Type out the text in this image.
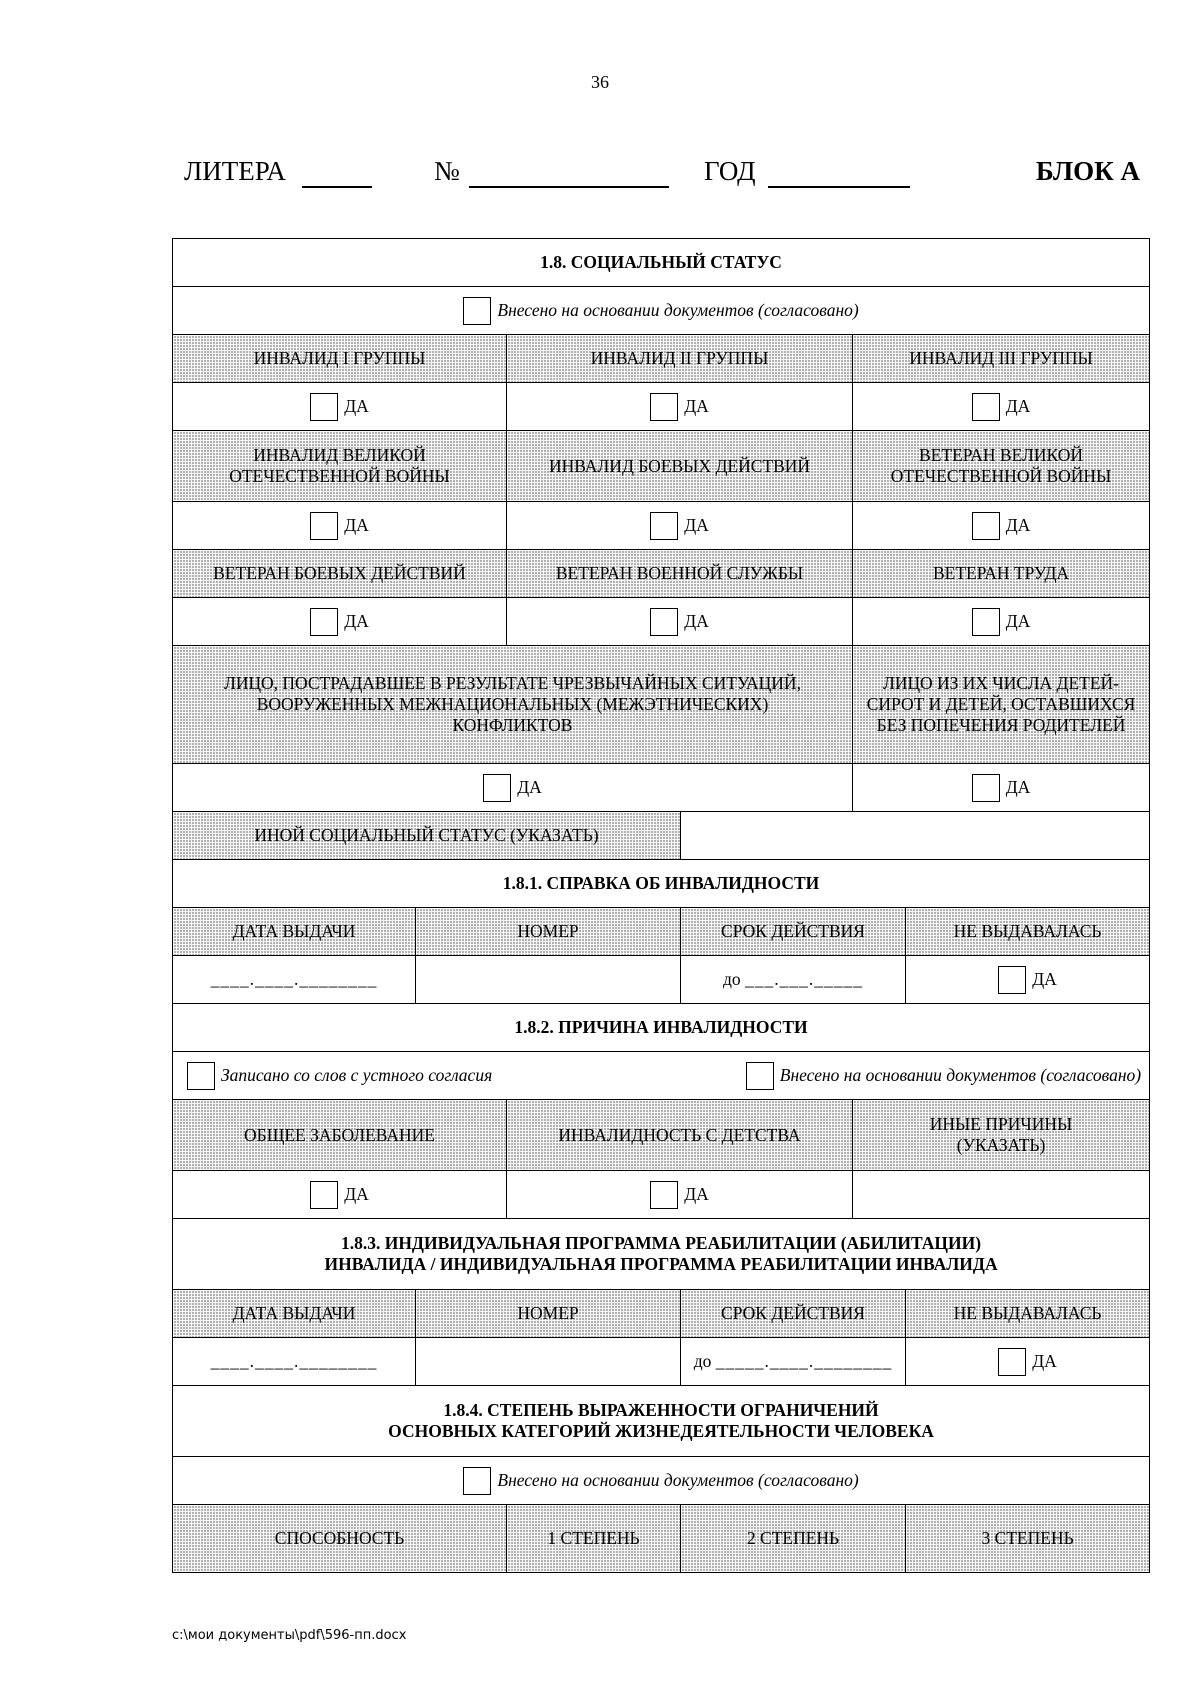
36
ЛИТЕРА	№	ГОД	БЛОК А
1.8. СОЦИАЛЬНЫЙ СТАТУС					
Внесено на основании документов (согласовано)					
ИНВАЛИД I ГРУППЫ		ИНВАЛИД II ГРУППЫ		ИНВАЛИД III ГРУППЫ	
ДА		ДА		ДА	
ИНВАЛИД ВЕЛИКОЙ ОТЕЧЕСТВЕННОЙ ВОЙНЫ		ИНВАЛИД БОЕВЫХ ДЕЙСТВИЙ		ВЕТЕРАН ВЕЛИКОЙ ОТЕЧЕСТВЕННОЙ ВОЙНЫ	
ДА		ДА		ДА	
ВЕТЕРАН БОЕВЫХ ДЕЙСТВИЙ		ВЕТЕРАН ВОЕННОЙ СЛУЖБЫ		ВЕТЕРАН ТРУДА	
ДА		ДА		ДА	
ЛИЦО, ПОСТРАДАВШЕЕ В РЕЗУЛЬТАТЕ ЧРЕЗВЫЧАЙНЫХ СИТУАЦИЙ, ВООРУЖЕННЫХ МЕЖНАЦИОНАЛЬНЫХ (МЕЖЭТНИЧЕСКИХ) КОНФЛИКТОВ				ЛИЦО ИЗ ИХ ЧИСЛА ДЕТЕЙ-СИРОТ И ДЕТЕЙ, ОСТАВШИХСЯ БЕЗ ПОПЕЧЕНИЯ РОДИТЕЛЕЙ	
ДА				ДА	
ИНОЙ СОЦИАЛЬНЫЙ СТАТУС (УКАЗАТЬ)					
1.8.1. СПРАВКА ОБ ИНВАЛИДНОСТИ					
ДАТА ВЫДАЧИ	НОМЕР		СРОК ДЕЙСТВИЯ		НЕ ВЫДАВАЛАСЬ
____.____.________			до ___.___._____		ДА
1.8.2. ПРИЧИНА ИНВАЛИДНОСТИ					

Записано со слов с устного согласия Внесено на основании документов (согласовано)					

ОБЩЕЕ ЗАБОЛЕВАНИЕ		ИНВАЛИДНОСТЬ С ДЕТСТВА		ИНЫЕ ПРИЧИНЫ (УКАЗАТЬ)	
ДА		ДА			
1.8.3. ИНДИВИДУАЛЬНАЯ ПРОГРАММА РЕАБИЛИТАЦИИ (АБИЛИТАЦИИ)
ИНВАЛИДА / ИНДИВИДУАЛЬНАЯ ПРОГРАММА РЕАБИЛИТАЦИИ ИНВАЛИДА					
ДАТА ВЫДАЧИ	НОМЕР		СРОК ДЕЙСТВИЯ		НЕ ВЫДАВАЛАСЬ
____.____.________			до _____.____.________		ДА
1.8.4. СТЕПЕНЬ ВЫРАЖЕННОСТИ ОГРАНИЧЕНИЙ
ОСНОВНЫХ КАТЕГОРИЙ ЖИЗНЕДЕЯТЕЛЬНОСТИ ЧЕЛОВЕКА					
Внесено на основании документов (согласовано)					
СПОСОБНОСТЬ		1 СТЕПЕНЬ	2 СТЕПЕНЬ		3 СТЕПЕНЬ
c:\мои документы\pdf\596-пп.docx
